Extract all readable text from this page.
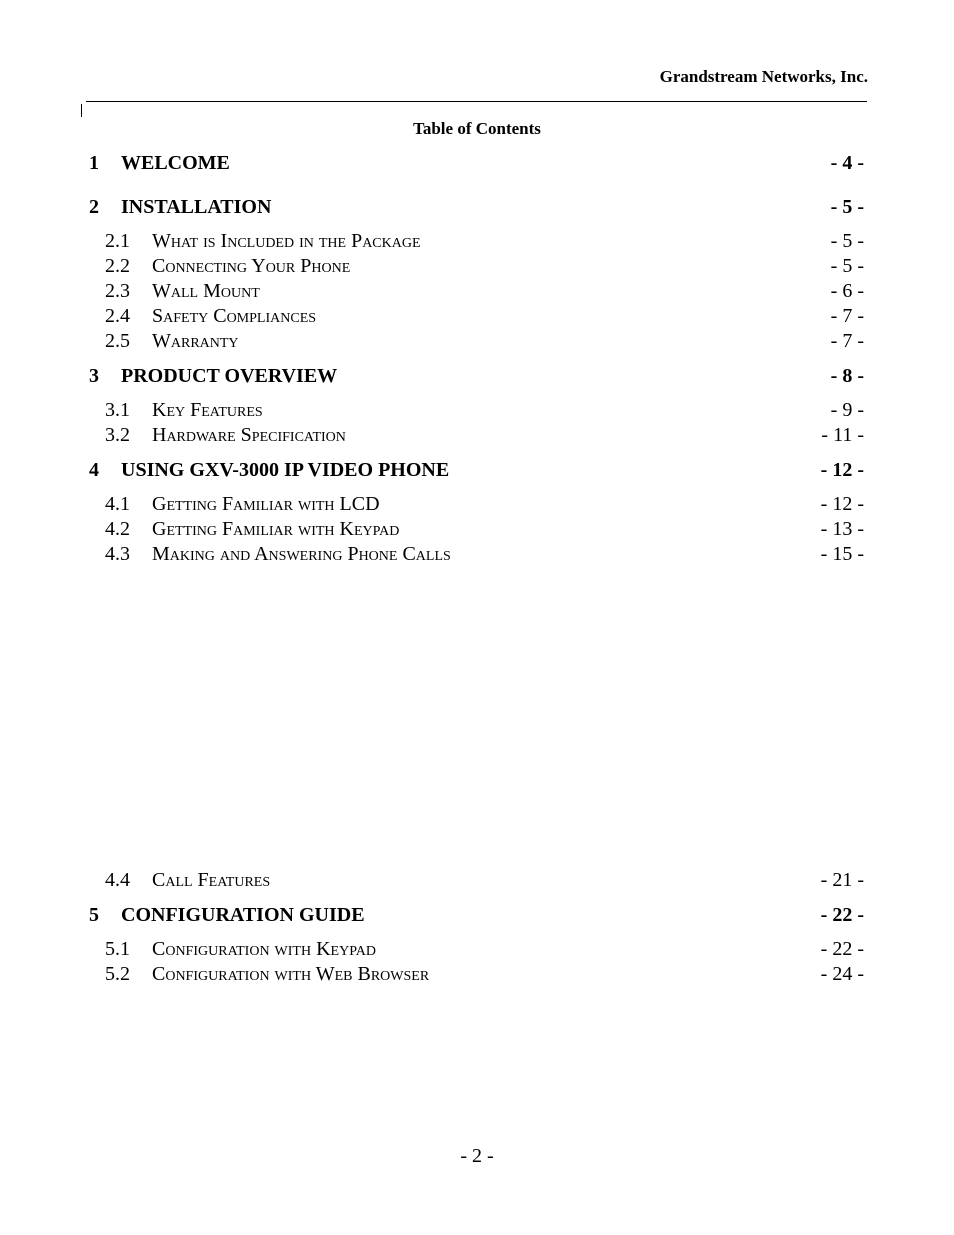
Grandstream Networks, Inc.
Table of Contents
1 WELCOME	- 4 -
2 INSTALLATION	- 5 -
2.1 What is Included in the Package	- 5 -
2.2 Connecting Your Phone	- 5 -
2.3 Wall Mount	- 6 -
2.4 Safety Compliances	- 7 -
2.5 Warranty	- 7 -
3 PRODUCT OVERVIEW	- 8 -
3.1 Key Features	- 9 -
3.2 Hardware Specification	- 11 -
4 USING GXV-3000 IP VIDEO PHONE	- 12 -
4.1 Getting Familiar with LCD	- 12 -
4.2 Getting Familiar with Keypad	- 13 -
4.3 Making and Answering Phone Calls	- 15 -
4.4 Call Features	- 21 -
5 CONFIGURATION GUIDE	- 22 -
5.1 Configuration with Keypad	- 22 -
5.2 Configuration with Web Browser	- 24 -
- 2 -
